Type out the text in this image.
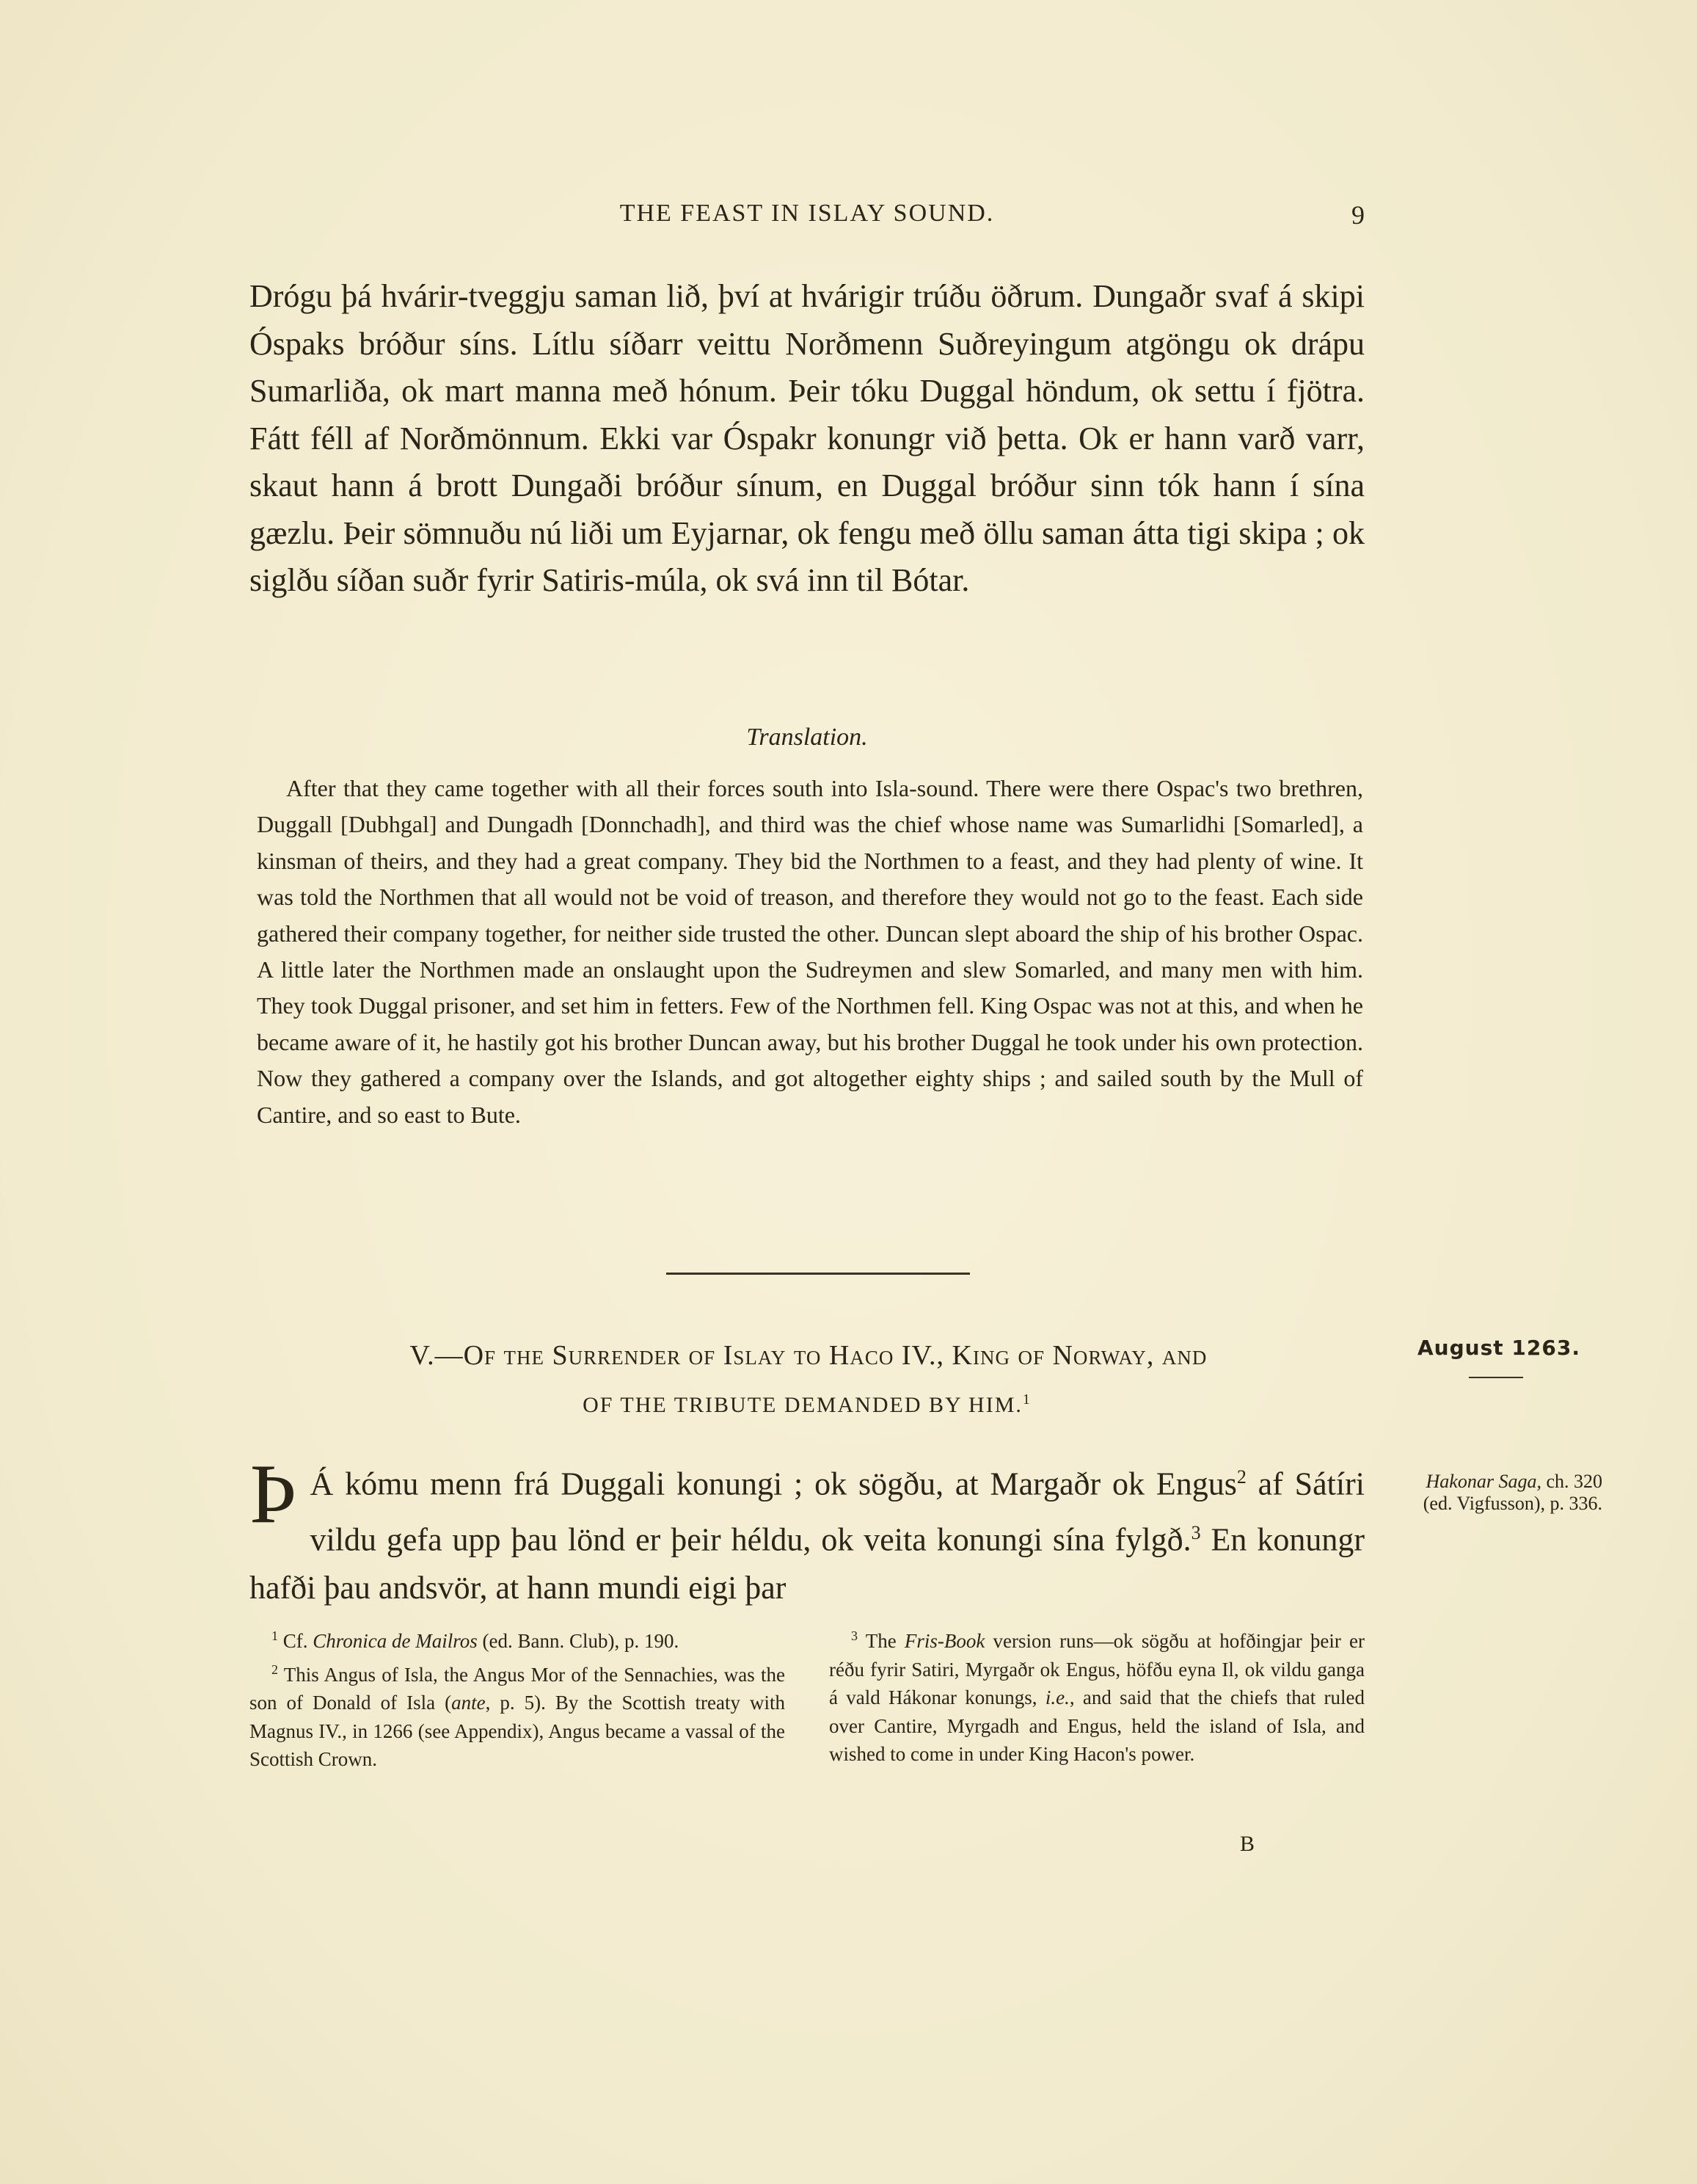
THE FEAST IN ISLAY SOUND.	9

Drógu þá hvárir-tveggju saman lið, því at hvárigir trúðu öðrum. Dungaðr svaf á skipi Óspaks bróður síns. Lítlu síðarr veittu Norðmenn Suðreyingum atgöngu ok drápu Sumarliða, ok mart manna með hónum. Þeir tóku Duggal höndum, ok settu í fjötra. Fátt féll af Norðmönnum. Ekki var Óspakr konungr við þetta. Ok er hann varð varr, skaut hann á brott Dungaði bróður sínum, en Duggal bróður sinn tók hann í sína gæzlu. Þeir sömnuðu nú liði um Eyjarnar, ok fengu með öllu saman átta tigi skipa ; ok siglðu síðan suðr fyrir Satiris-múla, ok svá inn til Bótar.

Translation.

After that they came together with all their forces south into Isla-sound. There were there Ospac's two brethren, Duggall [Dubhgal] and Dungadh [Donnchadh], and third was the chief whose name was Sumarlidhi [Somarled], a kinsman of theirs, and they had a great company. They bid the Northmen to a feast, and they had plenty of wine. It was told the Northmen that all would not be void of treason, and therefore they would not go to the feast. Each side gathered their company together, for neither side trusted the other. Duncan slept aboard the ship of his brother Ospac. A little later the Northmen made an onslaught upon the Sudreymen and slew Somarled, and many men with him. They took Duggal prisoner, and set him in fetters. Few of the Northmen fell. King Ospac was not at this, and when he became aware of it, he hastily got his brother Duncan away, but his brother Duggal he took under his own protection. Now they gathered a company over the Islands, and got altogether eighty ships ; and sailed south by the Mull of Cantire, and so east to Bute.

V.—Of the Surrender of Islay to Haco IV., King of Norway, and
OF THE TRIBUTE DEMANDED BY HIM.$^1$
August 1263.

Þ Á kómu menn frá Duggali konungi ; ok sögðu, at Margaðr ok Engus$^2$ af Sátíri vildu gefa upp þau lönd er þeir héldu, ok veita konungi sína fylgð.$^3$ En konungr hafði þau andsvör, at hann mundi eigi þar

Hakonar Saga, ch. 320
(ed. Vigfusson), p. 336.

$^1$ Cf. Chronica de Mailros (ed. Bann. Club), p. 190.

$^2$ This Angus of Isla, the Angus Mor of the Sennachies, was the son of Donald of Isla (ante, p. 5). By the Scottish treaty with Magnus IV., in 1266 (see Appendix), Angus became a vassal of the Scottish Crown.

$^3$ The Fris-Book version runs—ok sögðu at hofðingjar þeir er réðu fyrir Satiri, Myrgaðr ok Engus, höfðu eyna Il, ok vildu ganga á vald Hákonar konungs, i.e., and said that the chiefs that ruled over Cantire, Myrgadh and Engus, held the island of Isla, and wished to come in under King Hacon's power.

B
